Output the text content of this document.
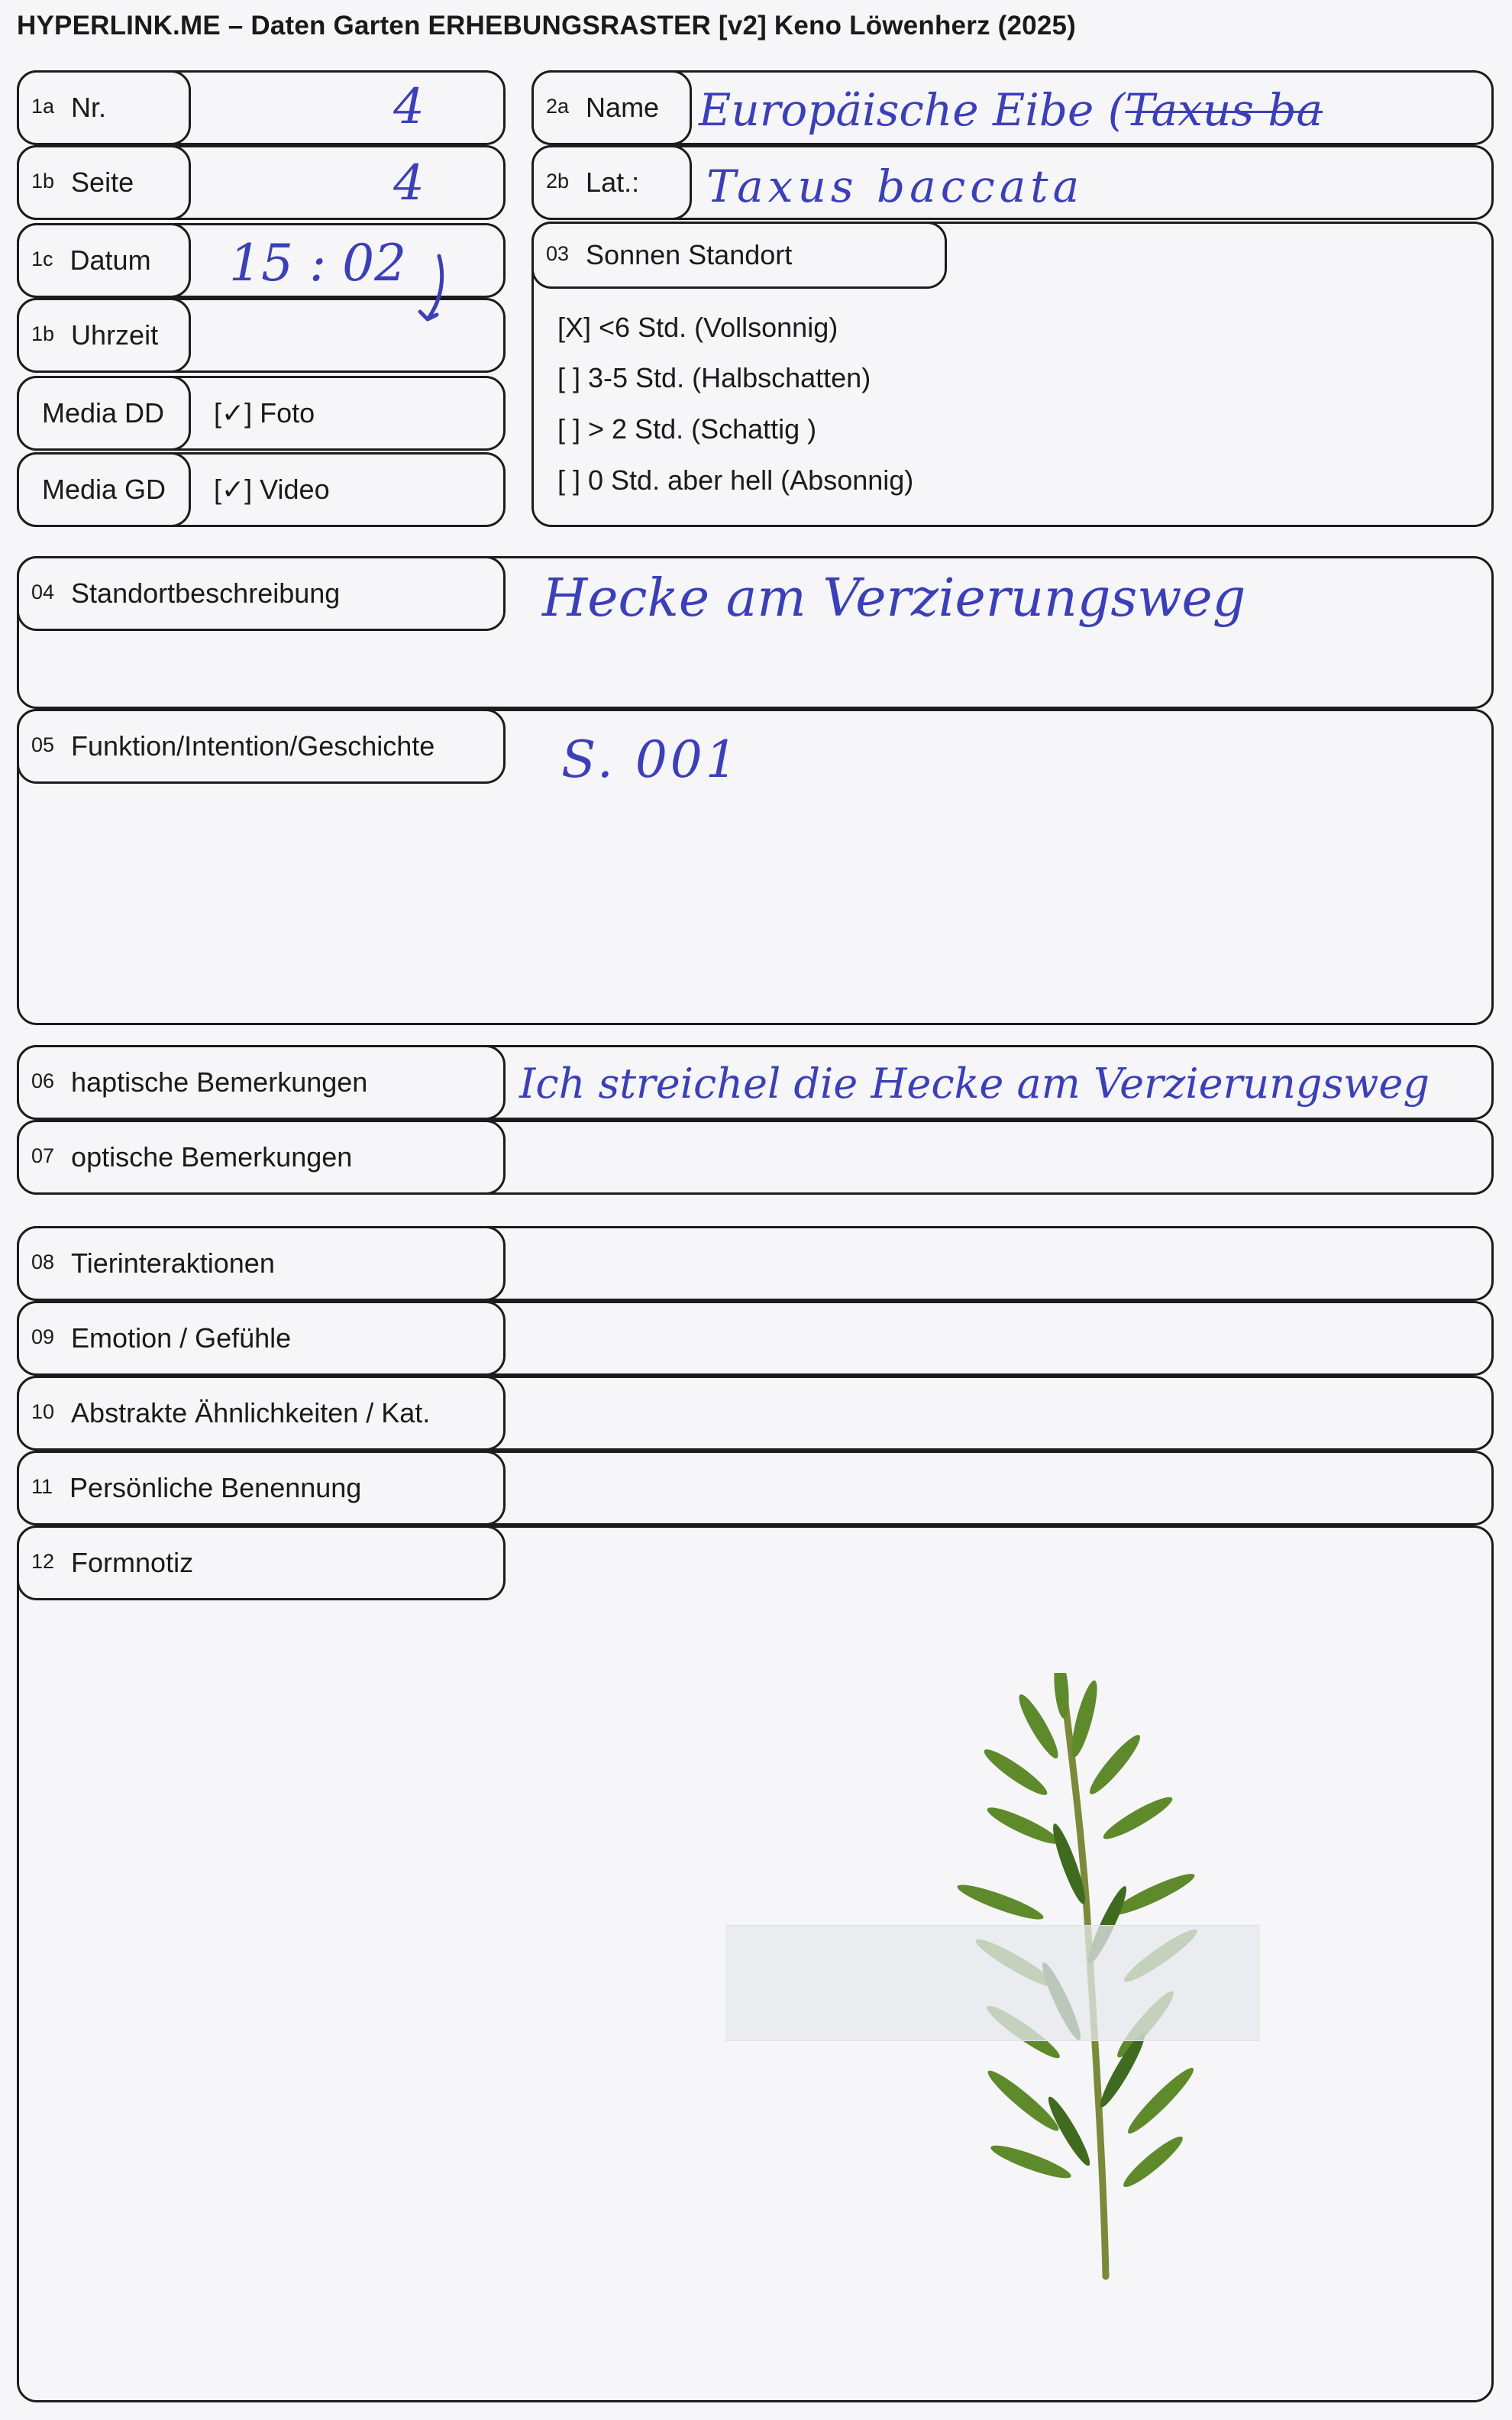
HYPERLINK.ME – Daten Garten ERHEBUNGSRASTER [v2] Keno Löwenherz (2025)
1a Nr.	4
1b Seite	4
1c Datum 15 : 02
1b Uhrzeit
Media DD [✓] Foto
Media GD [✓] Video
2a Name Europäische Eibe (Taxus ba
2b Lat.: Taxus baccata
03 Sonnen Standort
[X] <6 Std. (Vollsonnig)
[ ] 3-5 Std. (Halbschatten)
[ ] > 2 Std. (Schattig )
[ ] 0 Std. aber hell (Absonnig)
04 Standortbeschreibung	Hecke am Verzierungsweg
05 Funktion/Intention/Geschichte	S. 001
06 haptische Bemerkungen	Ich streichel die Hecke am Verzierungsweg
07 optische Bemerkungen
08 Tierinteraktionen
09 Emotion / Gefühle
10 Abstrakte Ähnlichkeiten / Kat.
11 Persönliche Benennung
12 Formnotiz
